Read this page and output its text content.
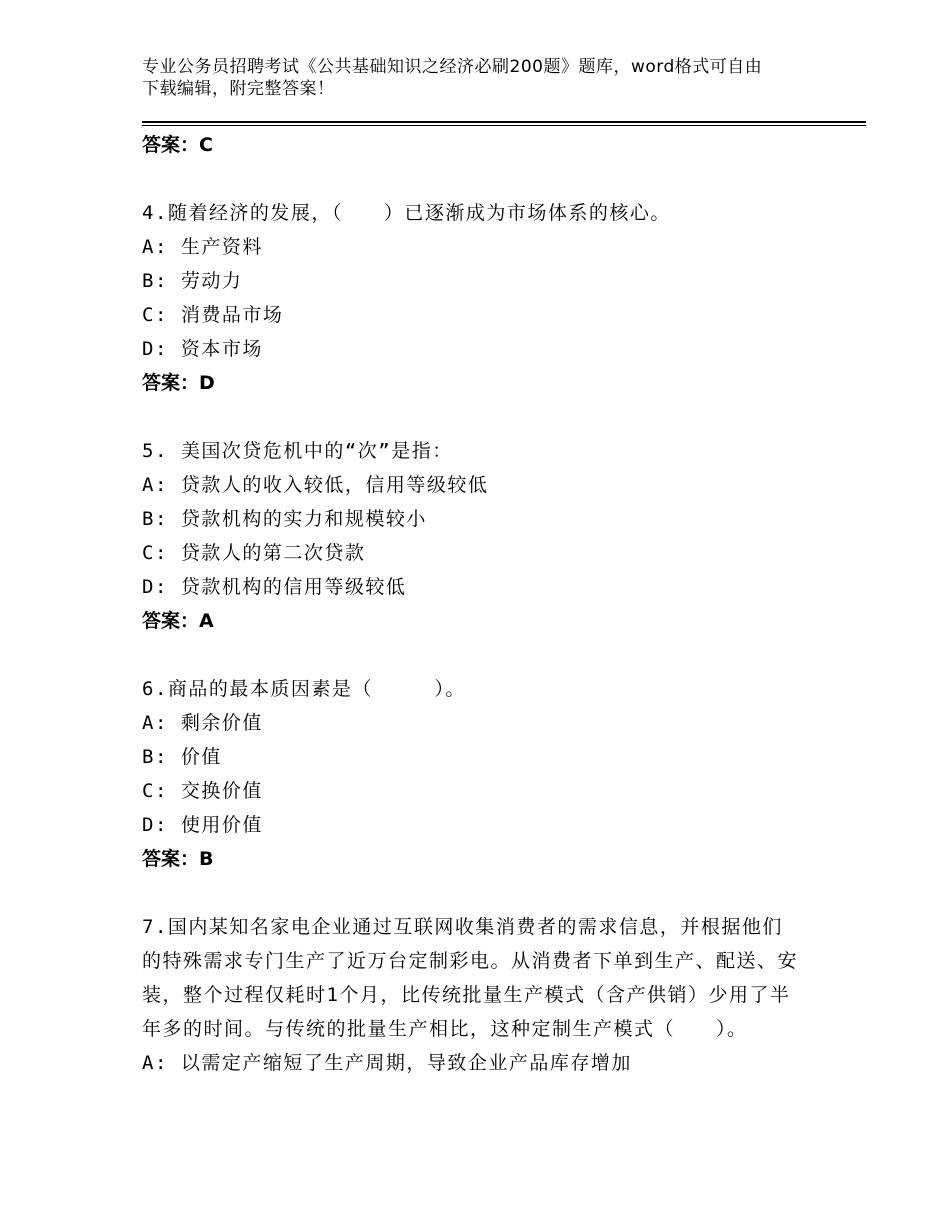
专业公务员招聘考试《公共基础知识之经济必刷200题》题库，word格式可自由
下载编辑，附完整答案！
答案：C
4.随着经济的发展，（　　）已逐渐成为市场体系的核心。
A: 生产资料
B: 劳动力
C: 消费品市场
D: 资本市场
答案：D
5. 美国次贷危机中的“次”是指：
A: 贷款人的收入较低，信用等级较低
B: 贷款机构的实力和规模较小
C: 贷款人的第二次贷款
D: 贷款机构的信用等级较低
答案：A
6.商品的最本质因素是（　　　）。
A: 剩余价值
B: 价值
C: 交换价值
D: 使用价值
答案：B
7.国内某知名家电企业通过互联网收集消费者的需求信息，并根据他们的特殊需求专门生产了近万台定制彩电。从消费者下单到生产、配送、安装，整个过程仅耗时1个月，比传统批量生产模式（含产供销）少用了半年多的时间。与传统的批量生产相比，这种定制生产模式（　　）。
A: 以需定产缩短了生产周期，导致企业产品库存增加
